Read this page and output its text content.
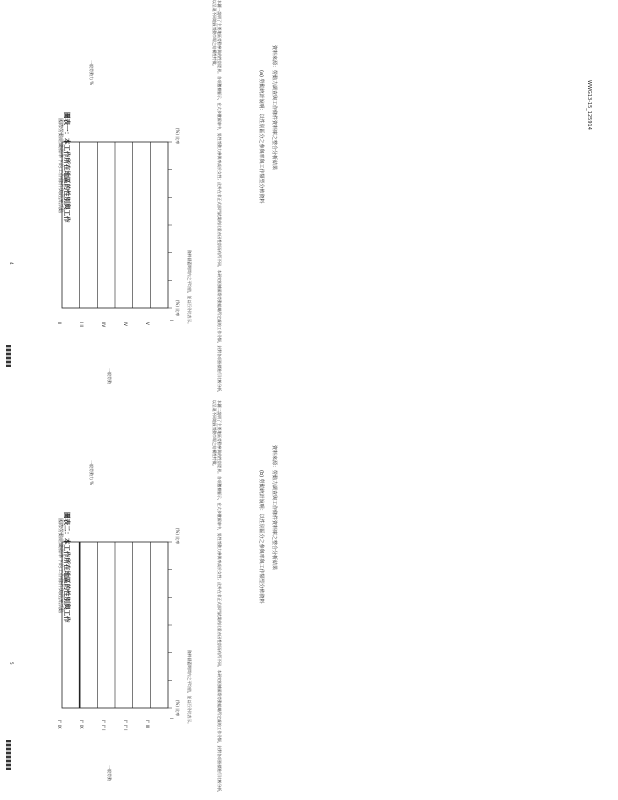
4
5
WWG13-15_125914
圖表一：本工作所在地區的性別與工作
國際勞動組織標準下的工作條件與經濟活動
一般勞動力 %
一般勞動
(%) 比率
(%) 比率
I
II	I II	IIV	IV	V	本圖一說明了主要地區勞動參與的性別差異。各項數據顯示，在大多數國家中，男性勞動力參與率高於女性；此外在非正式部門就業的比重亦因性別而有所不同。本研究根據國際勞動組織所定義的工作分類，針對各項指標進行比較分析，以呈現不同地區勞動市場之結構性特徵。
資料涵蓋期間內之平均值，並以百分比表示。
(a) 勞動統計說明：以性別區分之參與率與工作類型分佈資料 資料來源：勞動力調查與工作條件資料庫之整合分析結果
圖表二：本工作所在地區的性別與工作
國際勞動組織標準下的工作條件與經濟活動
一般勞動力 %
一般勞動
(%) 比率
(%) 比率
I
I'' IX	I'' IX	I'' I'' I	I'' I'' I	I'' III	本圖二說明了主要地區勞動參與的性別差異。各項數據顯示，在大多數國家中，男性勞動力參與率高於女性；此外在非正式部門就業的比重亦因性別而有所不同。本研究根據國際勞動組織所定義的工作分類，針對各項指標進行比較分析，以呈現不同地區勞動市場之結構性特徵。
資料涵蓋期間內之平均值，並以百分比表示。
(b) 勞動統計說明：以性別區分之參與率與工作類型分佈資料 資料來源：勞動力調查與工作條件資料庫之整合分析結果
